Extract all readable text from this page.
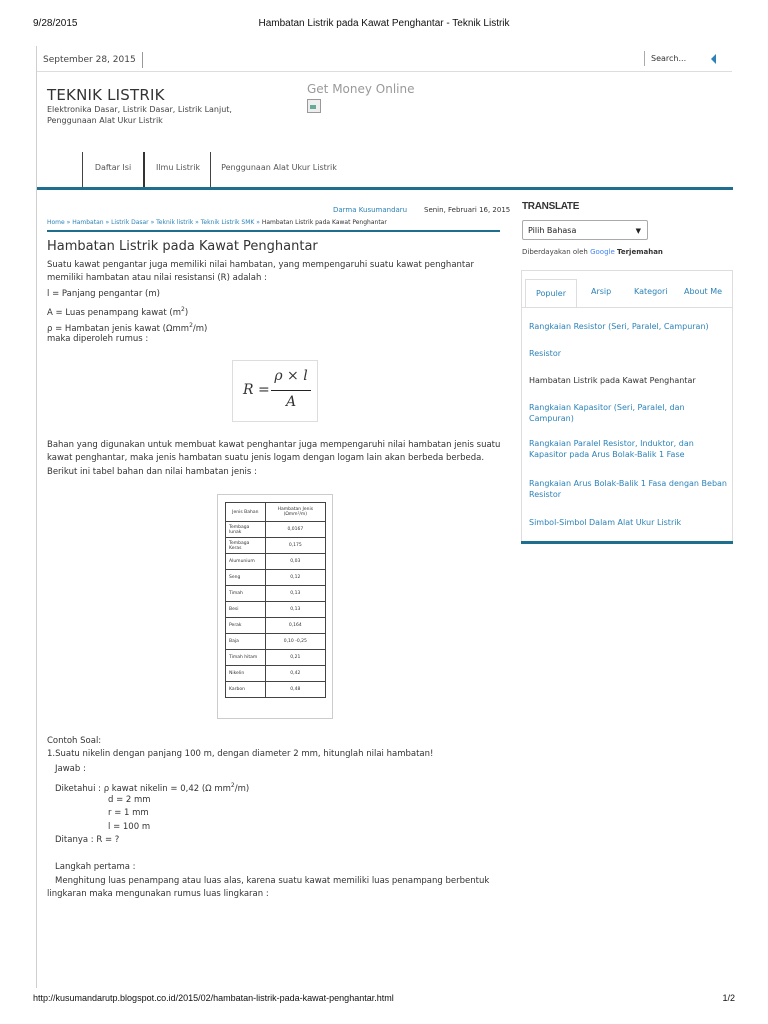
9/28/2015	Hambatan Listrik pada Kawat Penghantar - Teknik Listrik
September 28, 2015	Search...
TEKNIK LISTRIK
Elektronika Dasar, Listrik Dasar, Listrik Lanjut, Penggunaan Alat Ukur Listrik
Get Money Online
Daftar Isi	Ilmu Listrik	Penggunaan Alat Ukur Listrik
Darma Kusumandaru Senin, Februari 16, 2015
Home » Hambatan » Listrik Dasar » Teknik listrik » Teknik Listrik SMK » Hambatan Listrik pada Kawat Penghantar
Hambatan Listrik pada Kawat Penghantar
Suatu kawat pengantar juga memiliki nilai hambatan, yang mempengaruhi suatu kawat penghantar memiliki hambatan atau nilai resistansi (R) adalah :
l = Panjang pengantar (m)
A = Luas penampang kawat $(m^2)$
ρ = Hambatan jenis kawat (Ωmm$^2$/m)
maka diperoleh rumus :
R =
ρ × l
A
Bahan yang digunakan untuk membuat kawat penghantar juga mempengaruhi nilai hambatan jenis suatu kawat penghantar, maka jenis hambatan suatu jenis logam dengan logam lain akan berbeda berbeda.
Berikut ini tabel bahan dan nilai hambatan jenis :
Jenis Bahan	Hambatan Jenis (Ωmm²/m)
Tembaga lunak	0,0167
Tembaga Keras	0,175
Alumunium	0,03
Seng	0,12
Timah	0,13
Besi	0,13
Perak	0,164
Baja	0,10 -0,25
Timah hitam	0,21
Nikelin	0,42
Karbon	0,48
Contoh Soal:
1.Suatu nikelin dengan panjang 100 m, dengan diameter 2 mm, hitunglah nilai hambatan!
Jawab :
Diketahui : ρ kawat nikelin = 0,42 (Ω $mm^2/m$)
d = 2 mm
r = 1 mm
l = 100 m
Ditanya : R = ?
Langkah pertama :
Menghitung luas penampang atau luas alas, karena suatu kawat memiliki luas penampang berbentuk lingkaran maka mengunakan rumus luas lingkaran :
TRANSLATE
Pilih Bahasa	▼
Diberdayakan oleh Google Terjemahan
Populer	Arsip	Kategori About Me
Rangkaian Resistor (Seri, Paralel, Campuran)
Resistor
Hambatan Listrik pada Kawat Penghantar
Rangkaian Kapasitor (Seri, Paralel, dan Campuran)
Rangkaian Paralel Resistor, Induktor, dan Kapasitor pada Arus Bolak-Balik 1 Fase
Rangkaian Arus Bolak-Balik 1 Fasa dengan Beban Resistor
Simbol-Simbol Dalam Alat Ukur Listrik
http://kusumandarutp.blogspot.co.id/2015/02/hambatan-listrik-pada-kawat-penghantar.html	1/2
